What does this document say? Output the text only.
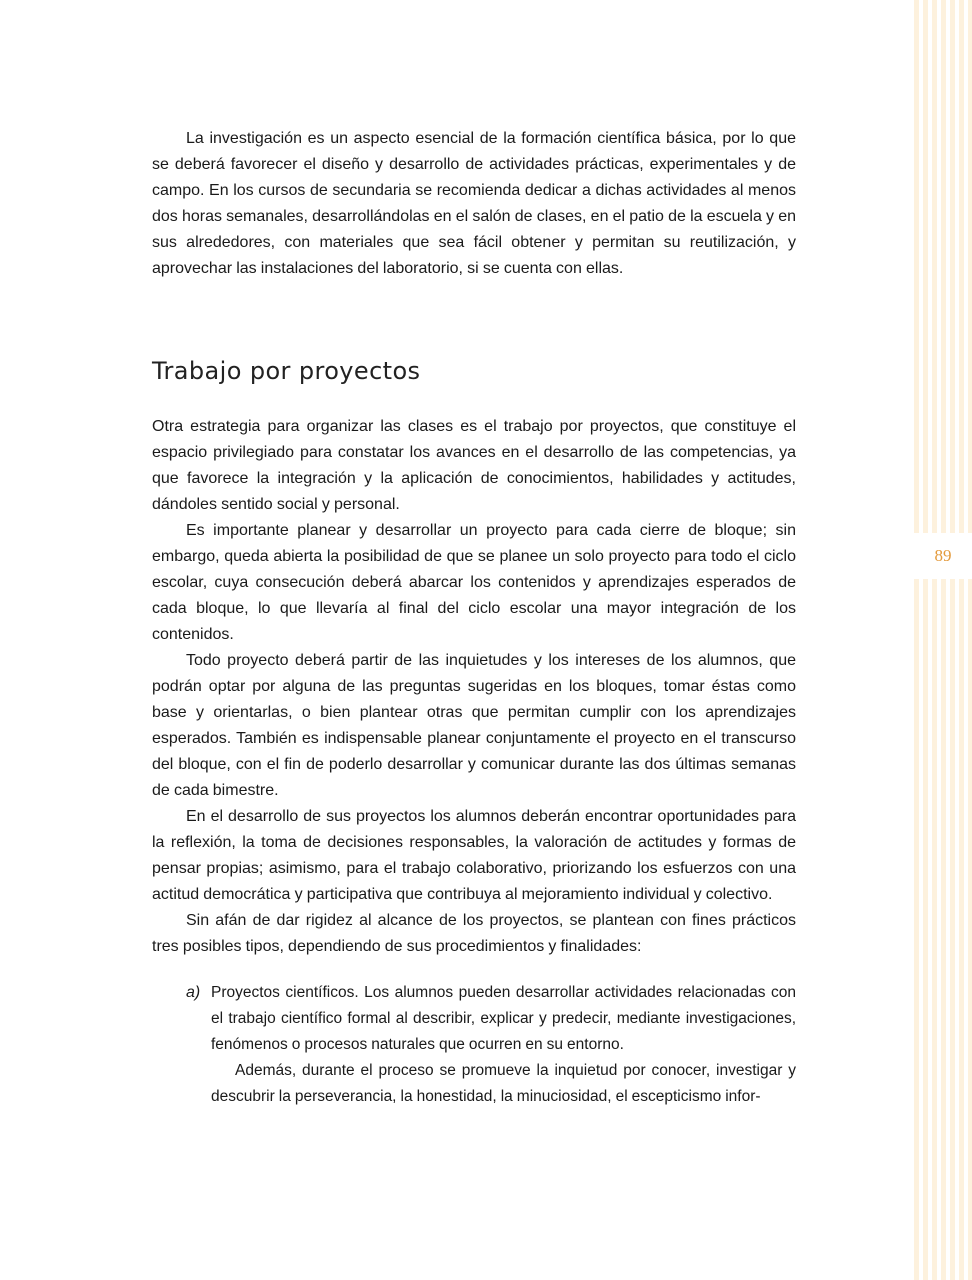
89

La investigación es un aspecto esencial de la formación científica básica, por lo que se deberá favorecer el diseño y desarrollo de actividades prácticas, experimentales y de campo. En los cursos de secundaria se recomienda dedicar a dichas actividades al menos dos horas semanales, desarrollándolas en el salón de clases, en el patio de la escuela y en sus alrededores, con materiales que sea fácil obtener y permitan su reutilización, y aprovechar las instalaciones del laboratorio, si se cuenta con ellas.

Trabajo por proyectos

Otra estrategia para organizar las clases es el trabajo por proyectos, que constituye el espacio privilegiado para constatar los avances en el desarrollo de las competencias, ya que favorece la integración y la aplicación de conocimientos, habilidades y actitudes, dándoles sentido social y personal.

Es importante planear y desarrollar un proyecto para cada cierre de bloque; sin embargo, queda abierta la posibilidad de que se planee un solo proyecto para todo el ciclo escolar, cuya consecución deberá abarcar los contenidos y aprendizajes esperados de cada bloque, lo que llevaría al final del ciclo escolar una mayor integración de los contenidos.

Todo proyecto deberá partir de las inquietudes y los intereses de los alumnos, que podrán optar por alguna de las preguntas sugeridas en los bloques, tomar éstas como base y orientarlas, o bien plantear otras que permitan cumplir con los aprendizajes esperados. También es indispensable planear conjuntamente el proyecto en el transcurso del bloque, con el fin de poderlo desarrollar y comunicar durante las dos últimas semanas de cada bimestre.

En el desarrollo de sus proyectos los alumnos deberán encontrar oportunidades para la reflexión, la toma de decisiones responsables, la valoración de actitudes y formas de pensar propias; asimismo, para el trabajo colaborativo, priorizando los esfuerzos con una actitud democrática y participativa que contribuya al mejoramiento individual y colectivo.

Sin afán de dar rigidez al alcance de los proyectos, se plantean con fines prácticos tres posibles tipos, dependiendo de sus procedimientos y finalidades:

a) Proyectos científicos. Los alumnos pueden desarrollar actividades relacionadas con el trabajo científico formal al describir, explicar y predecir, mediante investigaciones, fenómenos o procesos naturales que ocurren en su entorno.

Además, durante el proceso se promueve la inquietud por conocer, investigar y descubrir la perseverancia, la honestidad, la minuciosidad, el escepticismo infor-
